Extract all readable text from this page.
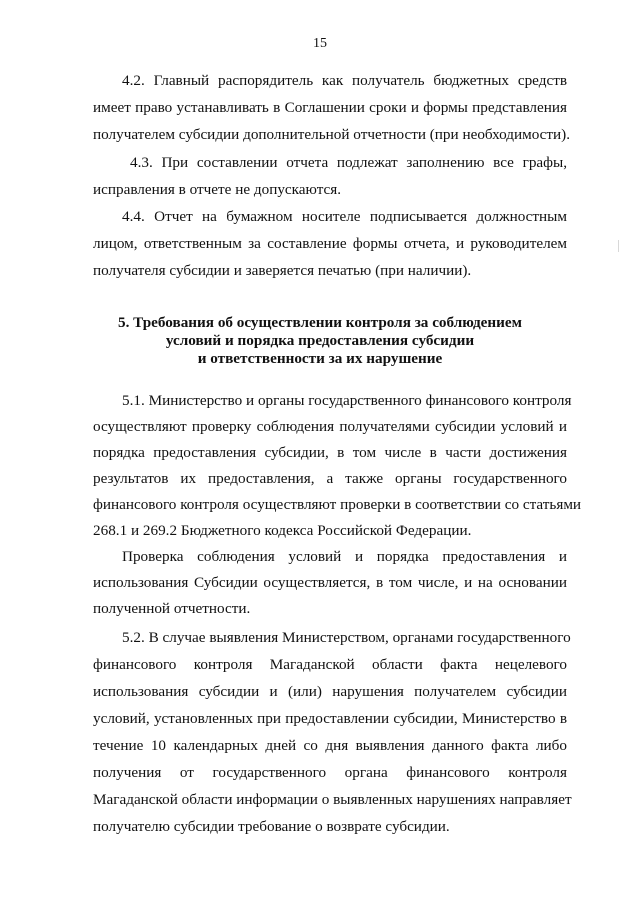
15
4.2. Главный распорядитель как получатель бюджетных средств
имеет право устанавливать в Соглашении сроки и формы представления
получателем субсидии дополнительной отчетности (при необходимости).
4.3. При составлении отчета подлежат заполнению все графы,
исправления в отчете не допускаются.
4.4. Отчет на бумажном носителе подписывается должностным
лицом, ответственным за составление формы отчета, и руководителем
получателя субсидии и заверяется печатью (при наличии).
5. Требования об осуществлении контроля за соблюдением
условий и порядка предоставления субсидии
и ответственности за их нарушение
5.1. Министерство и органы государственного финансового контроля
осуществляют проверку соблюдения получателями субсидии условий и
порядка предоставления субсидии, в том числе в части достижения
результатов их предоставления, а также органы государственного
финансового контроля осуществляют проверки в соответствии со статьями
268.1 и 269.2 Бюджетного кодекса Российской Федерации.
Проверка соблюдения условий и порядка предоставления и
использования Субсидии осуществляется, в том числе, и на основании
полученной отчетности.
5.2. В случае выявления Министерством, органами государственного
финансового контроля Магаданской области факта нецелевого
использования субсидии и (или) нарушения получателем субсидии
условий, установленных при предоставлении субсидии, Министерство в
течение 10 календарных дней со дня выявления данного факта либо
получения от государственного органа финансового контроля
Магаданской области информации о выявленных нарушениях направляет
получателю субсидии требование о возврате субсидии.
